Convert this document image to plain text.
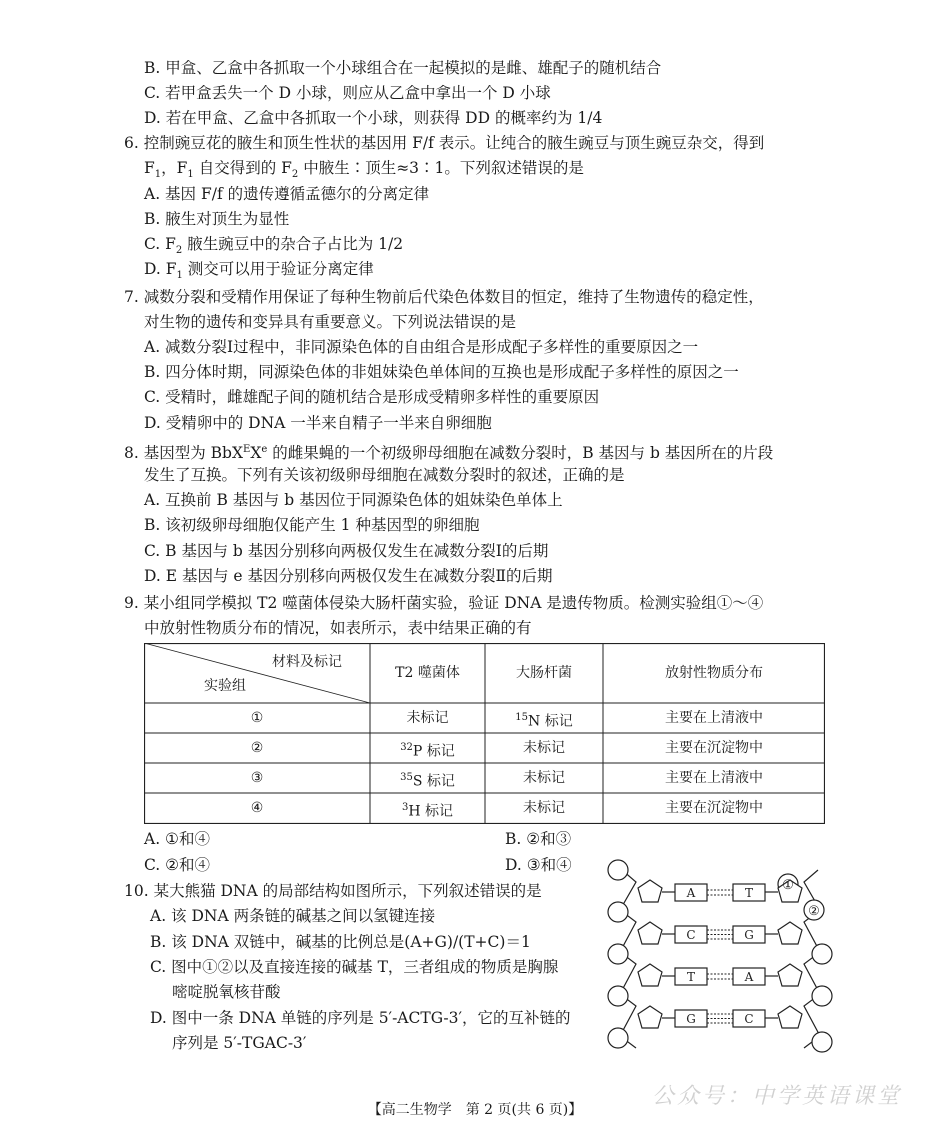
B. 甲盒、乙盒中各抓取一个小球组合在一起模拟的是雌、雄配子的随机结合
C. 若甲盒丢失一个 D 小球，则应从乙盒中拿出一个 D 小球
D. 若在甲盒、乙盒中各抓取一个小球，则获得 DD 的概率约为 1/4
6. 控制豌豆花的腋生和顶生性状的基因用 F/f 表示。让纯合的腋生豌豆与顶生豌豆杂交，得到
$F_1$，$F_1$ 自交得到的 $F_2$ 中腋生∶顶生≈3∶1。下列叙述错误的是
A. 基因 F/f 的遗传遵循孟德尔的分离定律
B. 腋生对顶生为显性
C. $F_2$ 腋生豌豆中的杂合子占比为 1/2
D. $F_1$ 测交可以用于验证分离定律
7. 减数分裂和受精作用保证了每种生物前后代染色体数目的恒定，维持了生物遗传的稳定性，
对生物的遗传和变异具有重要意义。下列说法错误的是
A. 减数分裂Ⅰ过程中，非同源染色体的自由组合是形成配子多样性的重要原因之一
B. 四分体时期，同源染色体的非姐妹染色单体间的互换也是形成配子多样性的原因之一
C. 受精时，雌雄配子间的随机结合是形成受精卵多样性的重要原因
D. 受精卵中的 DNA 一半来自精子一半来自卵细胞
8. 基因型为 BbX$^E$Xe 的雌果蝇的一个初级卵母细胞在减数分裂时，B 基因与 b 基因所在的片段
发生了互换。下列有关该初级卵母细胞在减数分裂时的叙述，正确的是
A. 互换前 B 基因与 b 基因位于同源染色体的姐妹染色单体上
B. 该初级卵母细胞仅能产生 1 种基因型的卵细胞
C. B 基因与 b 基因分别移向两极仅发生在减数分裂Ⅰ的后期
D. E 基因与 e 基因分别移向两极仅发生在减数分裂Ⅱ的后期
9. 某小组同学模拟 T2 噬菌体侵染大肠杆菌实验，验证 DNA 是遗传物质。检测实验组①～④
中放射性物质分布的情况，如表所示，表中结果正确的有
材料及标记
实验组
T2 噬菌体	大肠杆菌	放射性物质分布
①	未标记	$^{15}$N 标记	主要在上清液中
②	$^{32}$P 标记	未标记	主要在沉淀物中
③	$^{35}$S 标记	未标记	主要在上清液中
④	$^3$H 标记	未标记	主要在沉淀物中
A. ①和④	B. ②和③
C. ②和④	D. ③和④
10. 某大熊猫 DNA 的局部结构如图所示，下列叙述错误的是
A. 该 DNA 两条链的碱基之间以氢键连接
B. 该 DNA 双链中，碱基的比例总是(A+G)/(T+C)＝1
C. 图中①②以及直接连接的碱基 T，三者组成的物质是胸腺
嘧啶脱氧核苷酸
D. 图中一条 DNA 单链的序列是 5′-ACTG-3′，它的互补链的
序列是 5′-TGAC-3′
A
C
T
G
T
G
A
C
①
②
公众号：中学英语课堂
【高二生物学　第 2 页(共 6 页)】
